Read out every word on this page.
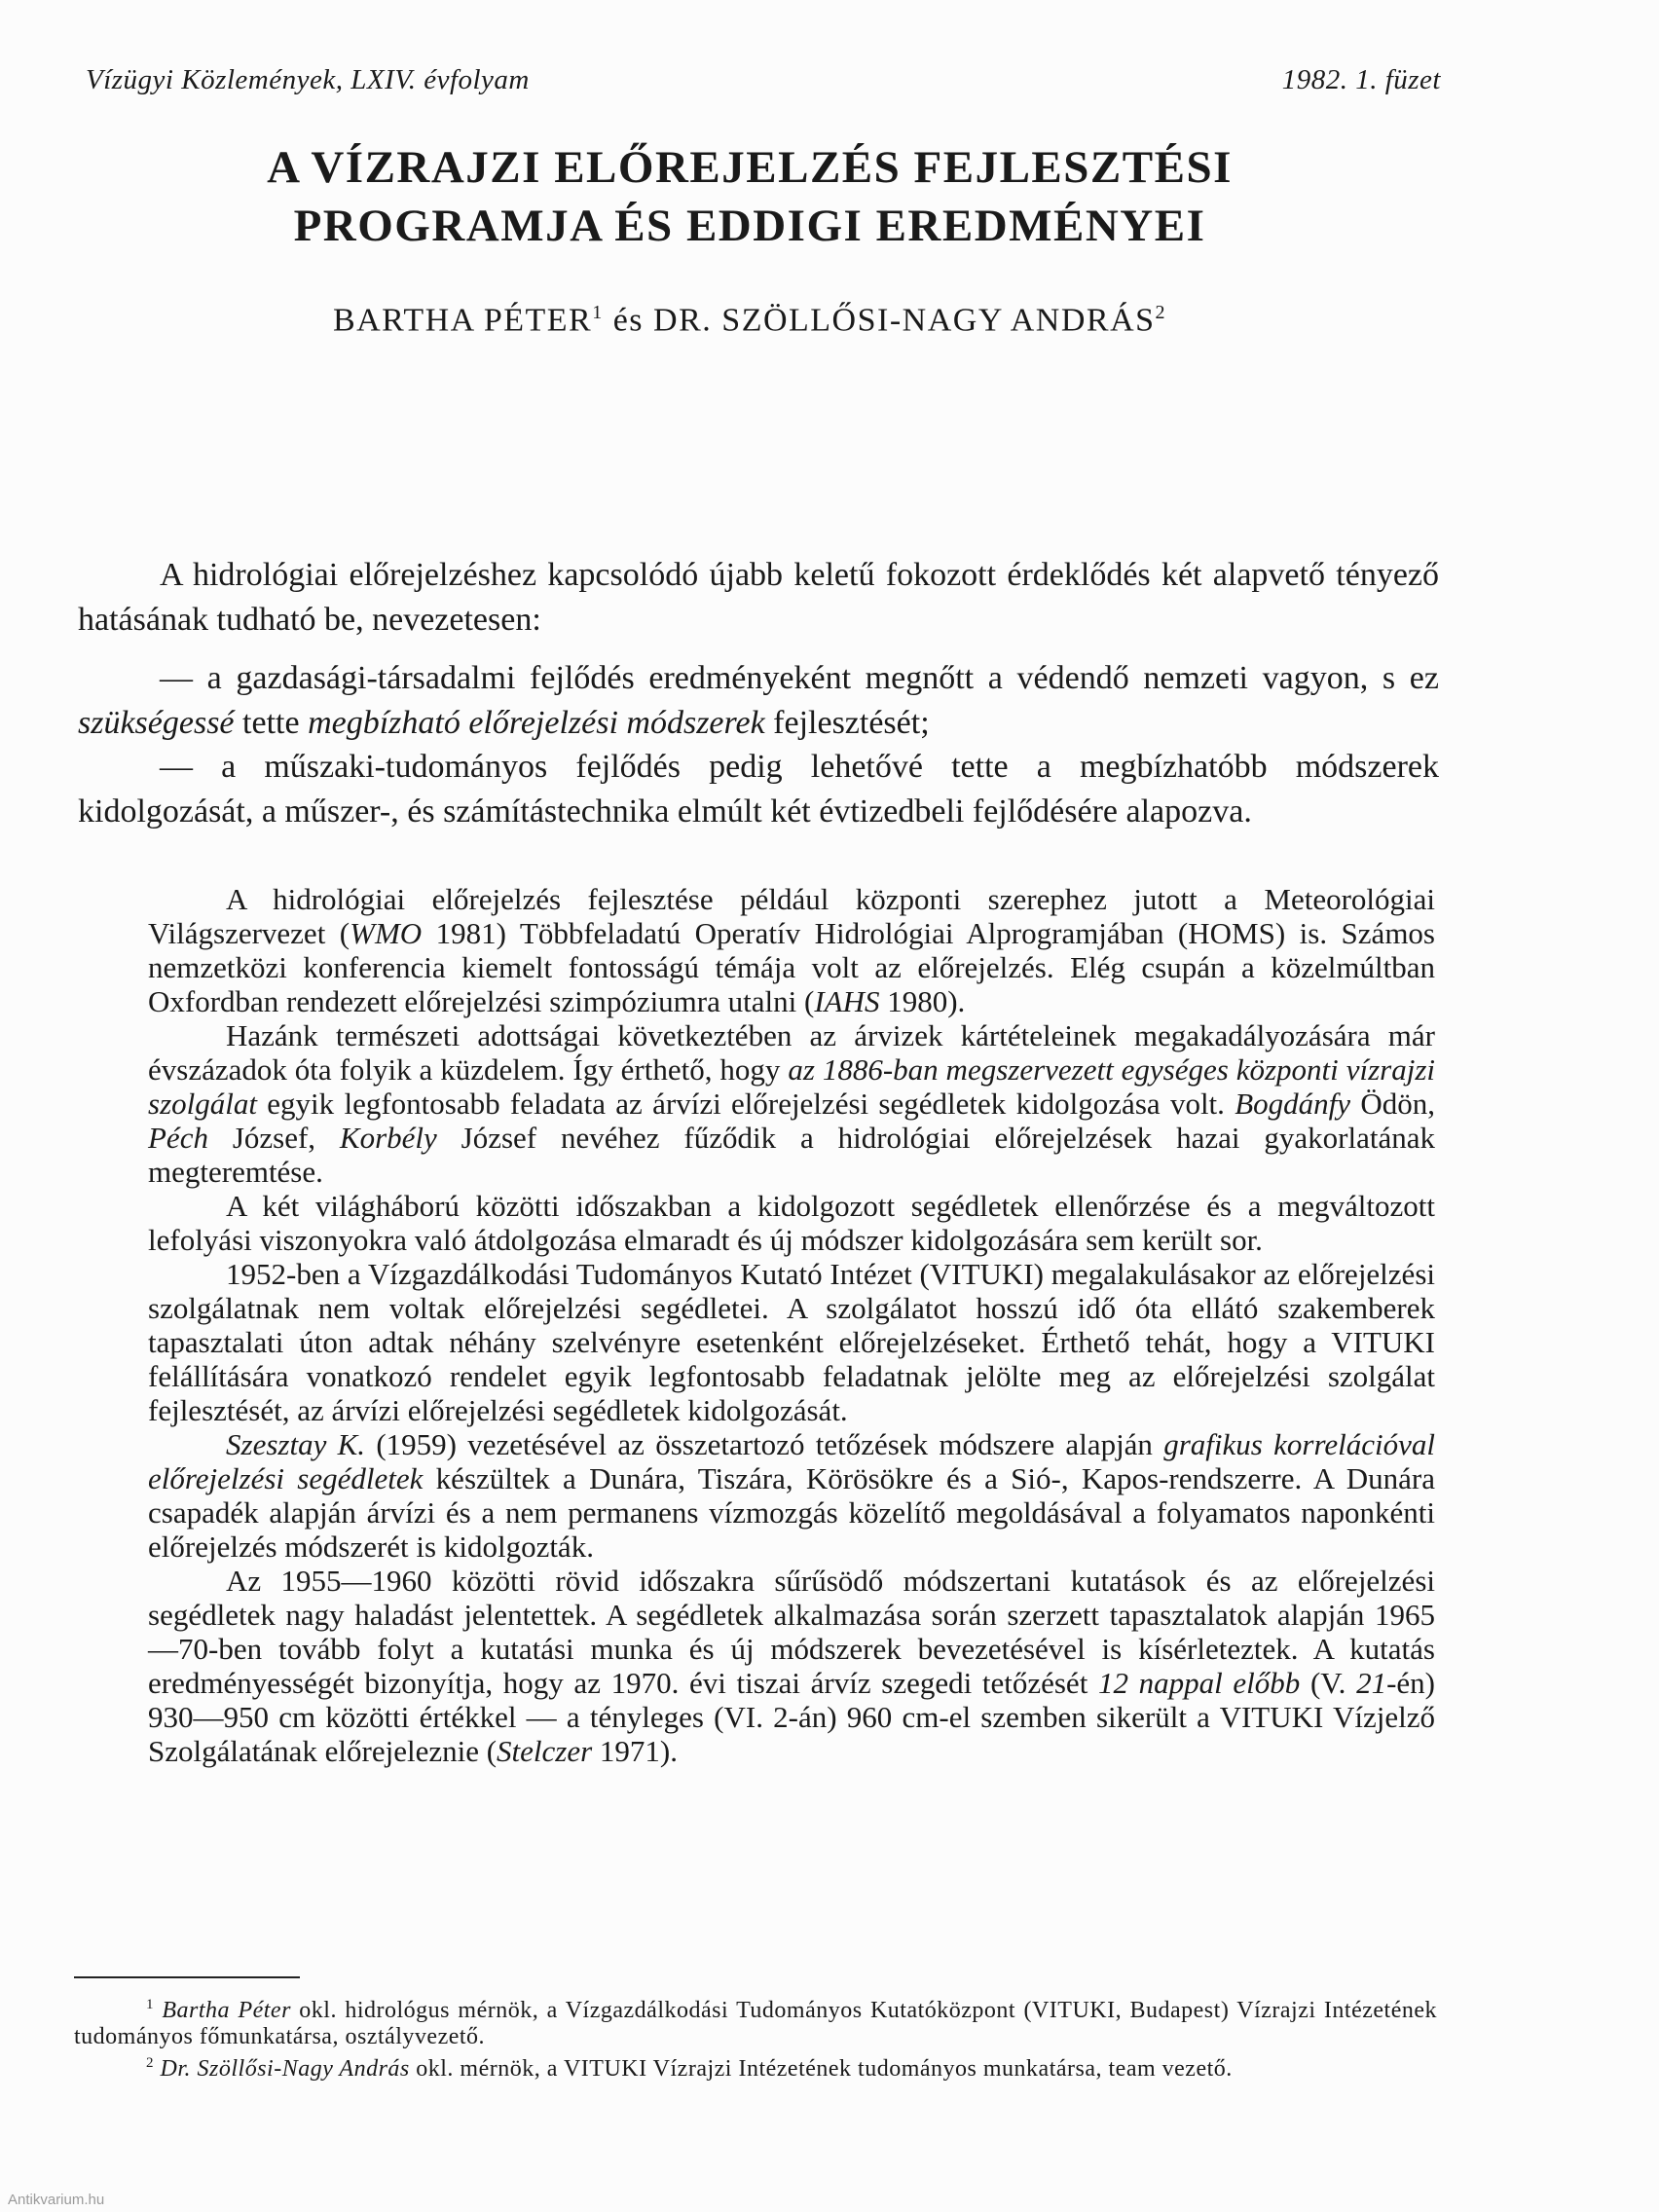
Vízügyi Közlemények, LXIV. évfolyam	1982. 1. füzet
A VÍZRAJZI ELŐREJELZÉS FEJLESZTÉSI
PROGRAMJA ÉS EDDIGI EREDMÉNYEI
BARTHA PÉTER$^1$ és DR. SZÖLLŐSI-NAGY ANDRÁS$^2$

A hidrológiai előrejelzéshez kapcsolódó újabb keletű fokozott érdeklődés két alapvető tényező hatásának tudható be, nevezetesen:

— a gazdasági-társadalmi fejlődés eredményeként megnőtt a védendő nemzeti vagyon, s ez szükségessé tette megbízható előrejelzési módszerek fejlesztését;

— a műszaki-tudományos fejlődés pedig lehetővé tette a megbízhatóbb módszerek kidolgozását, a műszer-, és számítástechnika elmúlt két évtizedbeli fejlődésére alapozva.

A hidrológiai előrejelzés fejlesztése például központi szerephez jutott a Meteorológiai Világszervezet (WMO 1981) Többfeladatú Operatív Hidrológiai Alprogramjában (HOMS) is. Számos nemzetközi konferencia kiemelt fontosságú témája volt az előrejelzés. Elég csupán a közelmúltban Oxfordban rendezett előrejelzési szimpóziumra utalni (IAHS 1980).

Hazánk természeti adottságai következtében az árvizek kártételeinek megakadályozására már évszázadok óta folyik a küzdelem. Így érthető, hogy az 1886-ban megszervezett egységes központi vízrajzi szolgálat egyik legfontosabb feladata az árvízi előrejelzési segédletek kidolgozása volt. Bogdánfy Ödön, Péch József, Korbély József nevéhez fűződik a hidrológiai előrejelzések hazai gyakorlatának megteremtése.

A két világháború közötti időszakban a kidolgozott segédletek ellenőrzése és a megváltozott lefolyási viszonyokra való átdolgozása elmaradt és új módszer kidolgozására sem került sor.

1952-ben a Vízgazdálkodási Tudományos Kutató Intézet (VITUKI) megalakulásakor az előrejelzési szolgálatnak nem voltak előrejelzési segédletei. A szolgálatot hosszú idő óta ellátó szakemberek tapasztalati úton adtak néhány szelvényre esetenként előrejelzéseket. Érthető tehát, hogy a VITUKI felállítására vonatkozó rendelet egyik legfontosabb feladatnak jelölte meg az előrejelzési szolgálat fejlesztését, az árvízi előrejelzési segédletek kidolgozását.

Szesztay K. (1959) vezetésével az összetartozó tetőzések módszere alapján grafikus korrelációval előrejelzési segédletek készültek a Dunára, Tiszára, Körösökre és a Sió-, Kapos-rendszerre. A Dunára csapadék alapján árvízi és a nem permanens vízmozgás közelítő megoldásával a folyamatos naponkénti előrejelzés módszerét is kidolgozták.

Az 1955—1960 közötti rövid időszakra sűrűsödő módszertani kutatások és az előrejelzési segédletek nagy haladást jelentettek. A segédletek alkalmazása során szerzett tapasztalatok alapján 1965—70-ben tovább folyt a kutatási munka és új módszerek bevezetésével is kísérleteztek. A kutatás eredményességét bizonyítja, hogy az 1970. évi tiszai árvíz szegedi tetőzését 12 nappal előbb (V. 21-én) 930—950 cm közötti értékkel — a tényleges (VI. 2-án) 960 cm-el szemben sikerült a VITUKI Vízjelző Szolgálatának előrejeleznie (Stelczer 1971).

$^1$ Bartha Péter okl. hidrológus mérnök, a Vízgazdálkodási Tudományos Kutatóközpont (VITUKI, Budapest) Vízrajzi Intézetének tudományos főmunkatársa, osztályvezető.

$^2$ Dr. Szöllősi-Nagy András okl. mérnök, a VITUKI Vízrajzi Intézetének tudományos munkatársa, team vezető.

Antikvarium.hu
